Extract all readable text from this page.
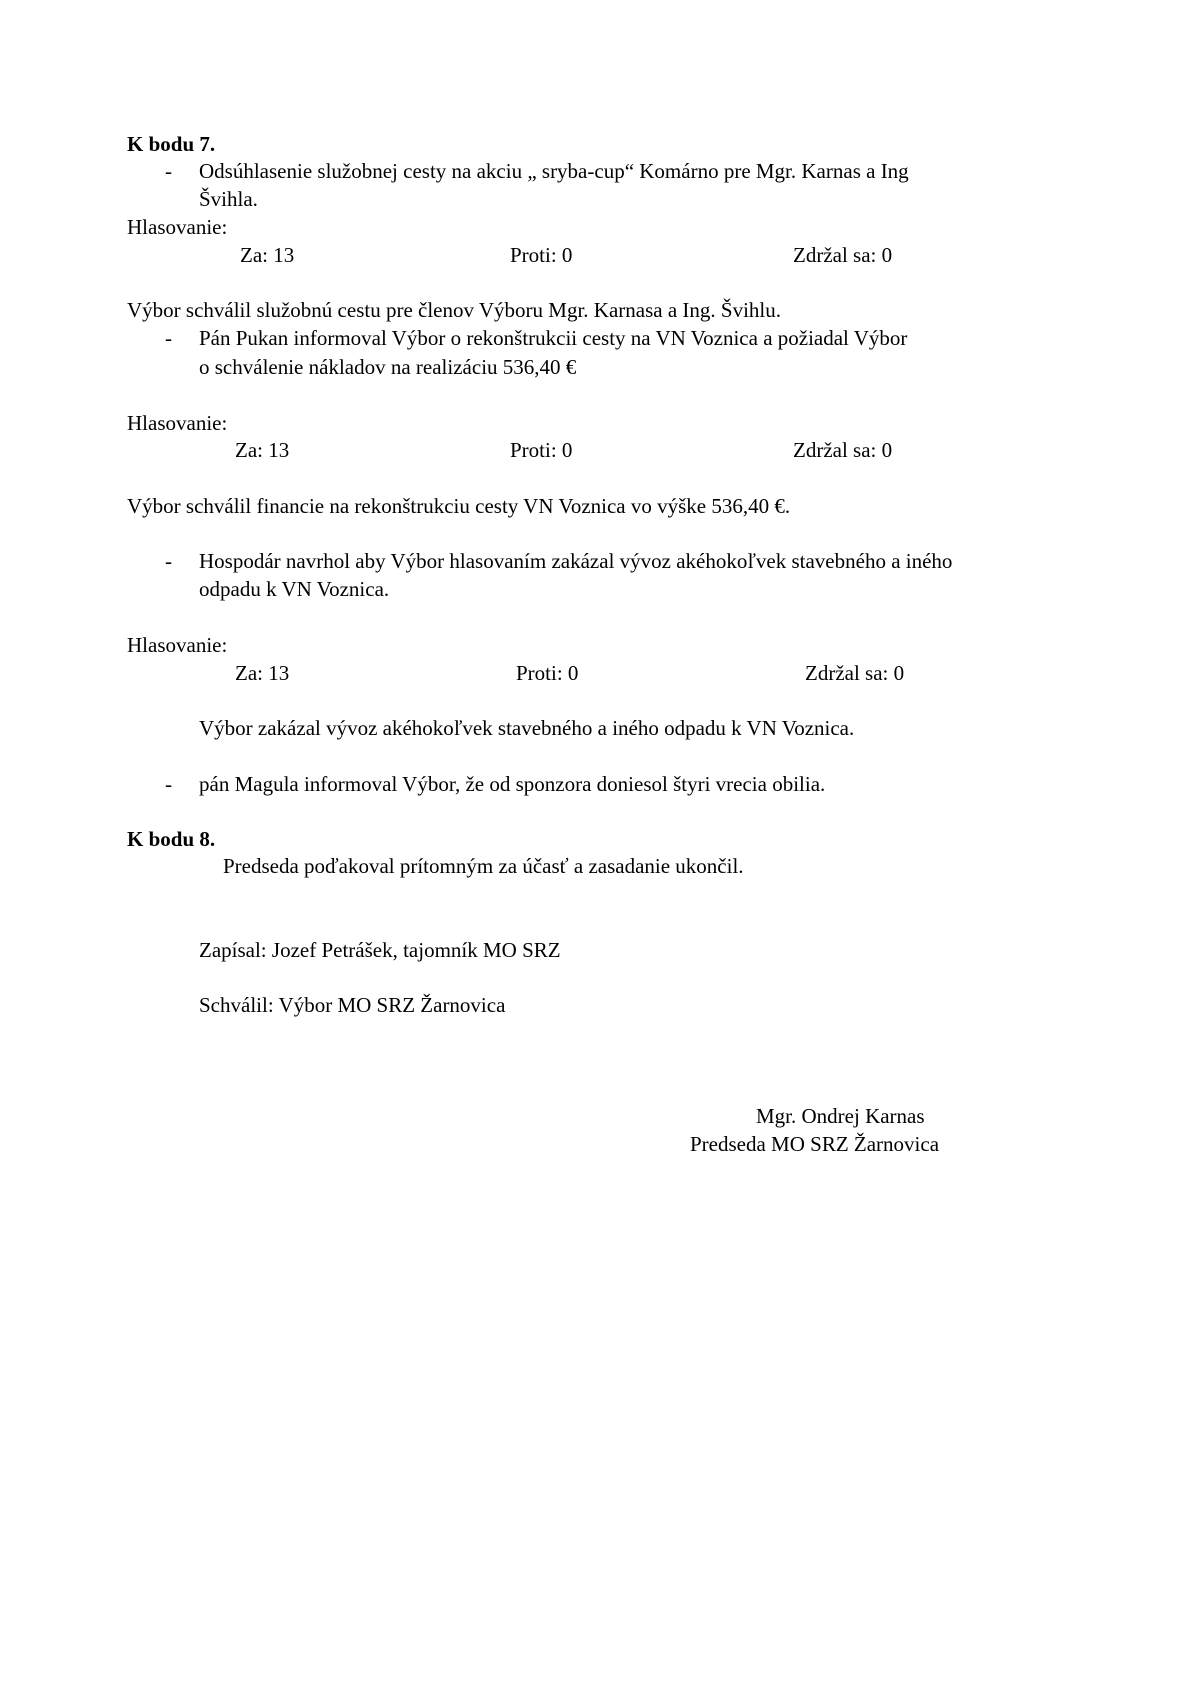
K bodu 7.
- Odsúhlasenie služobnej cesty na akciu „ sryba-cup“ Komárno pre Mgr. Karnas a Ing
Švihla.
Hlasovanie:
Za: 13	Proti: 0	Zdržal sa: 0
Výbor schválil služobnú cestu pre členov Výboru Mgr. Karnasa a Ing. Švihlu.
- Pán Pukan informoval Výbor o rekonštrukcii cesty na VN Voznica a požiadal Výbor
o schválenie nákladov na realizáciu 536,40 €
Hlasovanie:
Za: 13	Proti: 0	Zdržal sa: 0
Výbor schválil financie na rekonštrukciu cesty VN Voznica vo výške 536,40 €.
- Hospodár navrhol aby Výbor hlasovaním zakázal vývoz akéhokoľvek stavebného a iného
odpadu k VN Voznica.
Hlasovanie:
Za: 13	Proti: 0	Zdržal sa: 0
Výbor zakázal vývoz akéhokoľvek stavebného a iného odpadu k VN Voznica.
- pán Magula informoval Výbor, že od sponzora doniesol štyri vrecia obilia.
K bodu 8.
Predseda poďakoval prítomným za účasť a zasadanie ukončil.
Zapísal: Jozef Petrášek, tajomník MO SRZ
Schválil: Výbor MO SRZ Žarnovica
Mgr. Ondrej Karnas
Predseda MO SRZ Žarnovica
